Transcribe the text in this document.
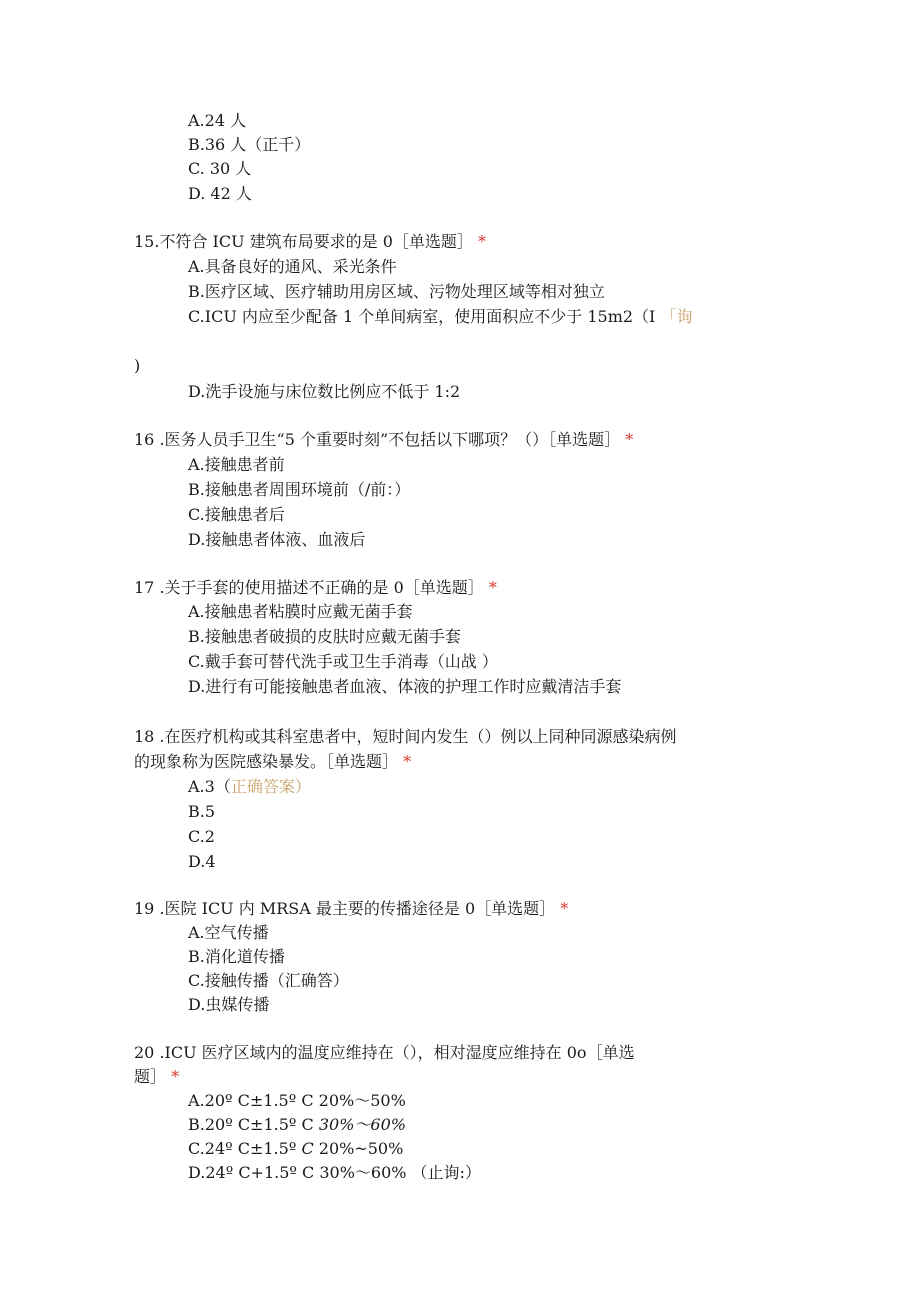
A.24 人
B.36 人（正千）
C. 30 人
D. 42 人
15.不符合 ICU 建筑布局要求的是 0［单选题］ *
A.具备良好的通风、采光条件
B.医疗区域、医疗辅助用房区域、污物处理区域等相对独立
C.ICU 内应至少配备 1 个单间病室，使用面积应不少于 15m2（I 「询
)
D.洗手设施与床位数比例应不低于 1:2
16 .医务人员手卫生“5 个重要时刻”不包括以下哪项？（）［单选题］ *
A.接触患者前
B.接触患者周围环境前（/前：）
C.接触患者后
D.接触患者体液、血液后
17 .关于手套的使用描述不正确的是 0［单选题］ *
A.接触患者粘膜时应戴无菌手套
B.接触患者破损的皮肤时应戴无菌手套
C.戴手套可替代洗手或卫生手消毒（山战 ）
D.进行有可能接触患者血液、体液的护理工作时应戴清洁手套
18 .在医疗机构或其科室患者中，短时间内发生（）例以上同种同源感染病例
的现象称为医院感染暴发。［单选题］ *
A.3（正确答案）
B.5
C.2
D.4
19 .医院 ICU 内 MRSA 最主要的传播途径是 0［单选题］ *
A.空气传播
B.消化道传播
C.接触传播（汇确答）
D.虫媒传播
20 .ICU 医疗区域内的温度应维持在（），相对湿度应维持在 0o［单选
题］ *
A.20º C±1.5º C 20%～50%
B.20º C±1.5º C 30%～60%
C.24º C±1.5º C 20%~50%
D.24º C+1.5º C 30%～60% （止询:）
